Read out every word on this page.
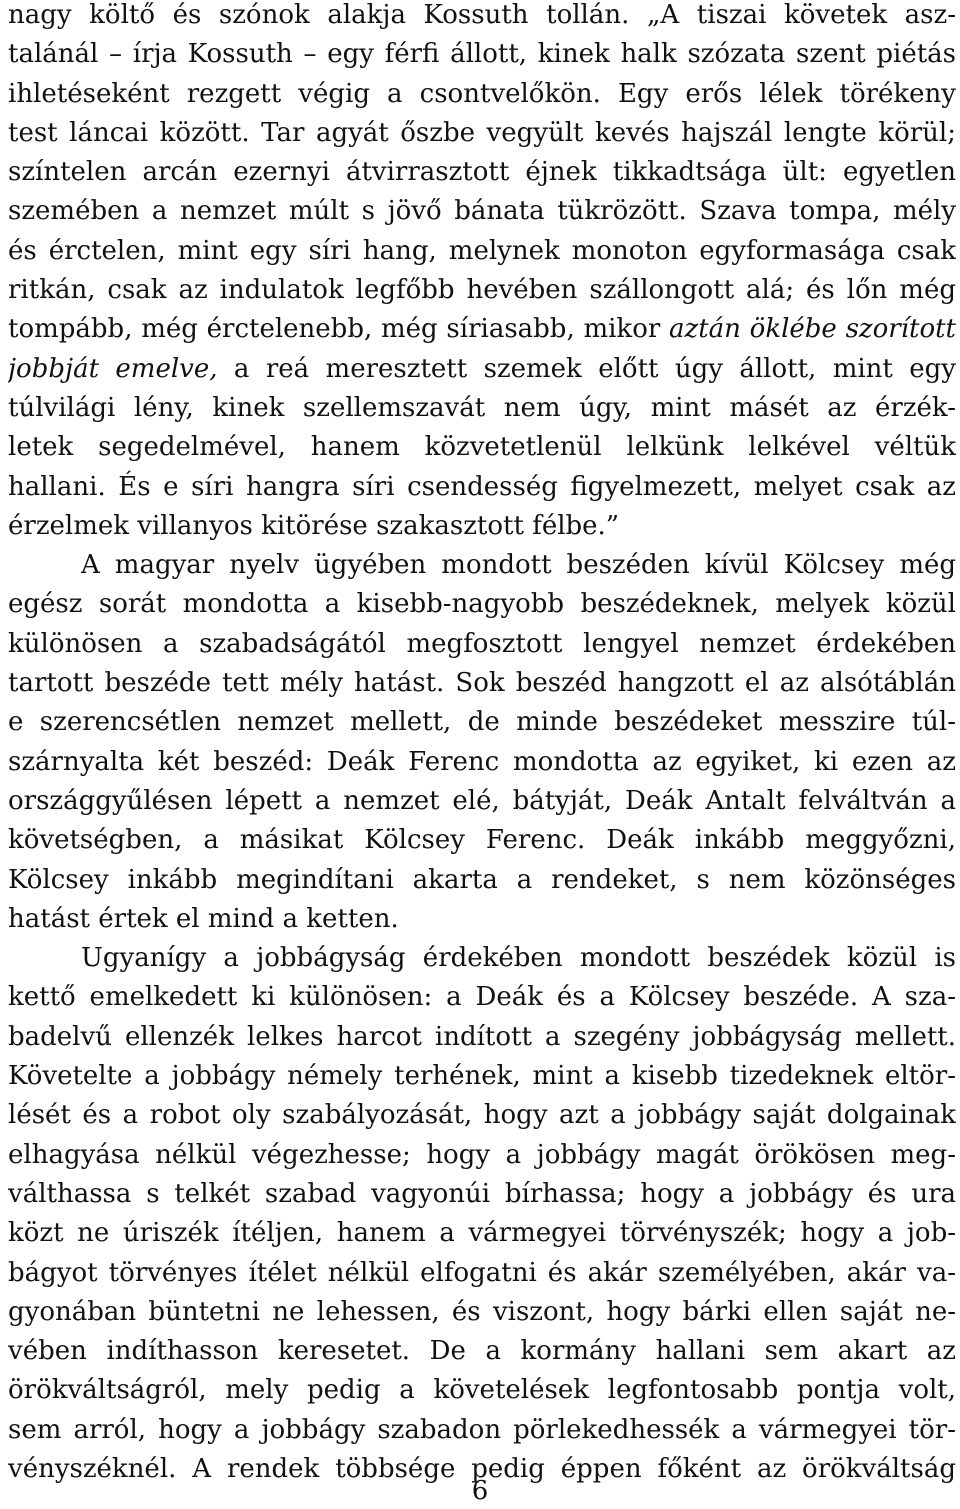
nagy költő és szónok alakja Kossuth tollán. „A tiszai követek asz-
talánál – írja Kossuth – egy férfi állott, kinek halk szózata szent piétás
ihletéseként rezgett végig a csontvelőkön. Egy erős lélek törékeny
test láncai között. Tar agyát őszbe vegyült kevés hajszál lengte körül;
színtelen arcán ezernyi átvirrasztott éjnek tikkadtsága ült: egyetlen
szemében a nemzet múlt s jövő bánata tükrözött. Szava tompa, mély
és érctelen, mint egy síri hang, melynek monoton egyformasága csak
ritkán, csak az indulatok legfőbb hevében szállongott alá; és lőn még
tompább, még érctelenebb, még síriasabb, mikor aztán öklébe szorított
jobbját emelve, a reá meresztett szemek előtt úgy állott, mint egy
túlvilági lény, kinek szellemszavát nem úgy, mint másét az érzék-
letek segedelmével, hanem közvetetlenül lelkünk lelkével véltük
hallani. És e síri hangra síri csendesség figyelmezett, melyet csak az
érzelmek villanyos kitörése szakasztott félbe.”
A magyar nyelv ügyében mondott beszéden kívül Kölcsey még
egész sorát mondotta a kisebb-nagyobb beszédeknek, melyek közül
különösen a szabadságától megfosztott lengyel nemzet érdekében
tartott beszéde tett mély hatást. Sok beszéd hangzott el az alsótáblán
e szerencsétlen nemzet mellett, de minde beszédeket messzire túl-
szárnyalta két beszéd: Deák Ferenc mondotta az egyiket, ki ezen az
országgyűlésen lépett a nemzet elé, bátyját, Deák Antalt felváltván a
követségben, a másikat Kölcsey Ferenc. Deák inkább meggyőzni,
Kölcsey inkább megindítani akarta a rendeket, s nem közönséges
hatást értek el mind a ketten.
Ugyanígy a jobbágyság érdekében mondott beszédek közül is
kettő emelkedett ki különösen: a Deák és a Kölcsey beszéde. A sza-
badelvű ellenzék lelkes harcot indított a szegény jobbágyság mellett.
Követelte a jobbágy némely terhének, mint a kisebb tizedeknek eltör-
lését és a robot oly szabályozását, hogy azt a jobbágy saját dolgainak
elhagyása nélkül végezhesse; hogy a jobbágy magát örökösen meg-
válthassa s telkét szabad vagyonúi bírhassa; hogy a jobbágy és ura
közt ne úriszék ítéljen, hanem a vármegyei törvényszék; hogy a job-
bágyot törvényes ítélet nélkül elfogatni és akár személyében, akár va-
gyonában büntetni ne lehessen, és viszont, hogy bárki ellen saját ne-
vében indíthasson keresetet. De a kormány hallani sem akart az
örökváltságról, mely pedig a követelések legfontosabb pontja volt,
sem arról, hogy a jobbágy szabadon pörlekedhessék a vármegyei tör-
vényszéknél. A rendek többsége pedig éppen főként az örökváltság
6
